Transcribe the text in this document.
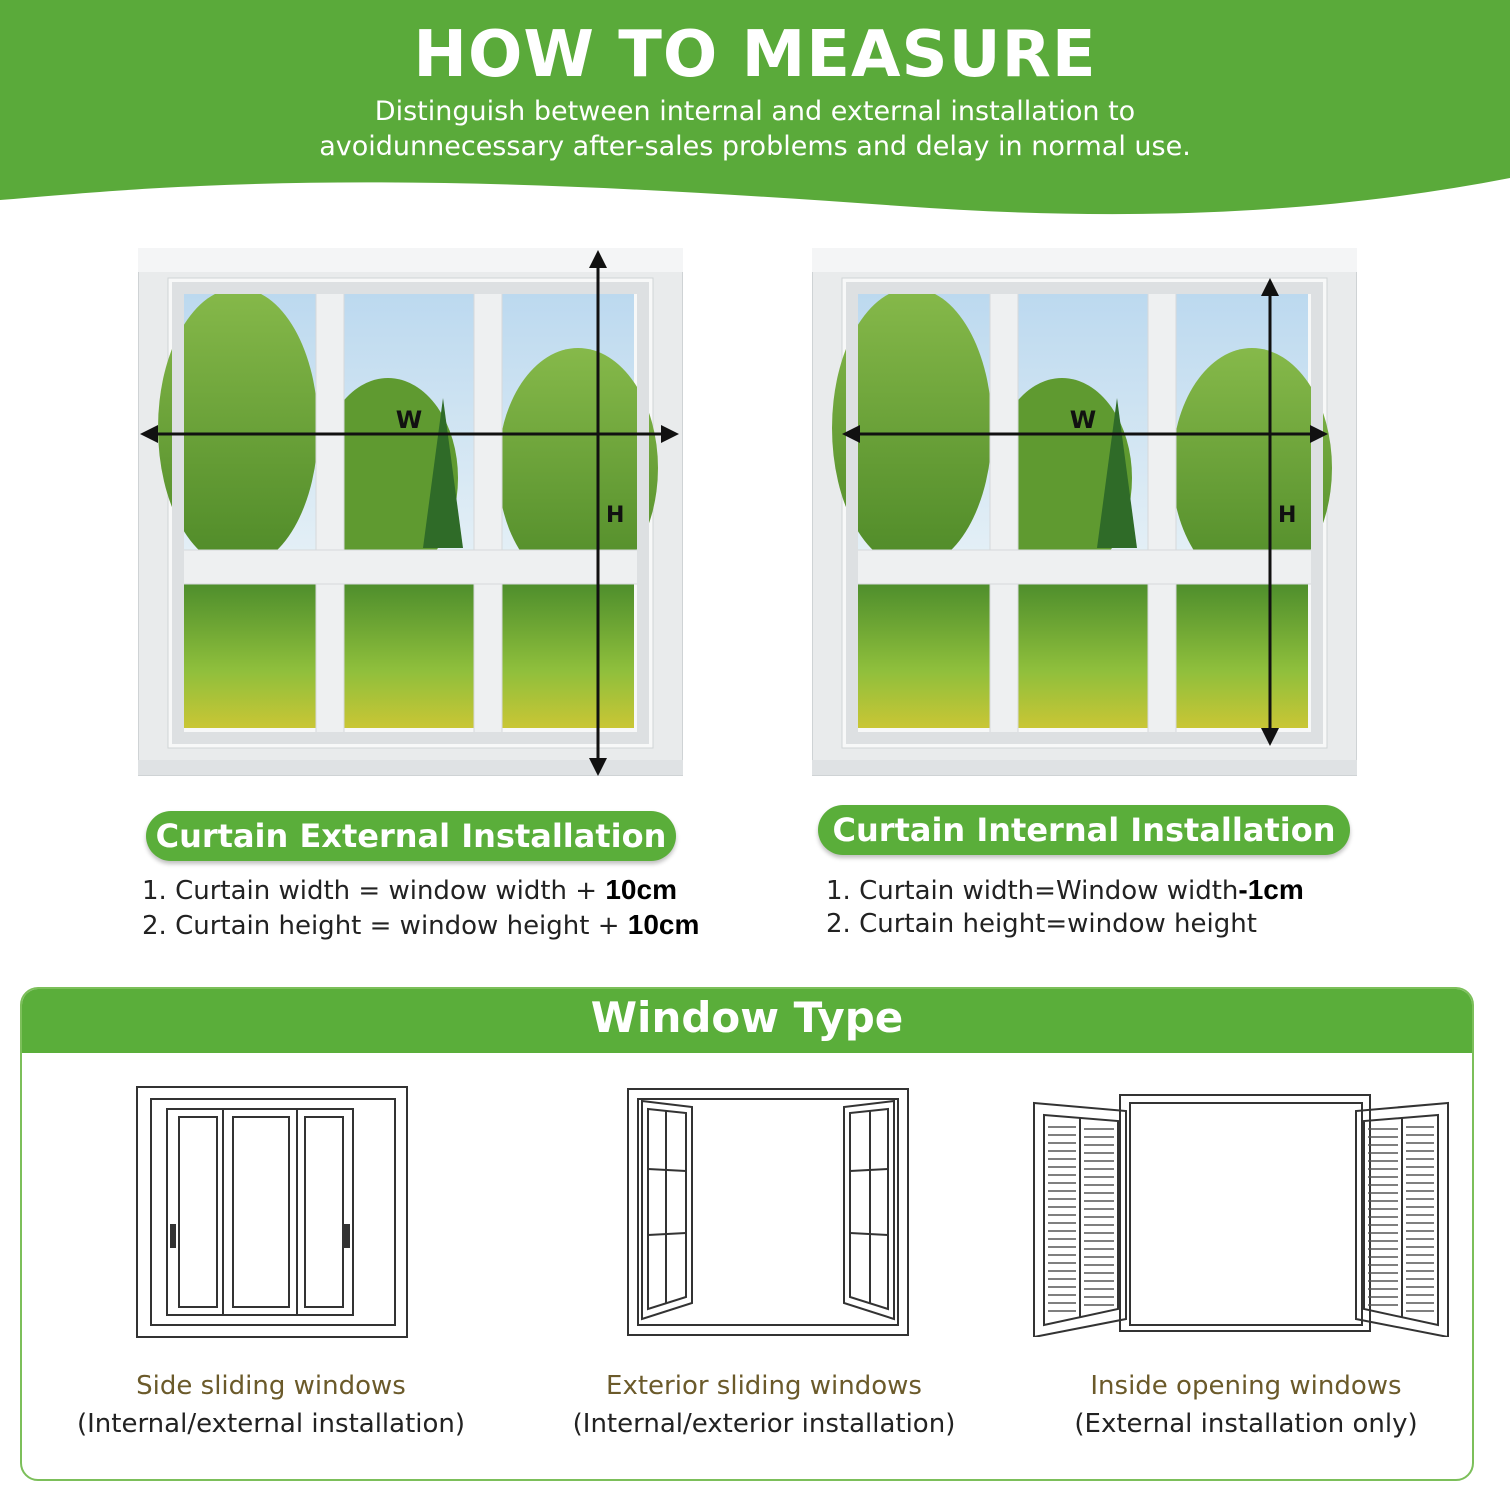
HOW TO MEASURE
Distinguish between internal and external installation to
avoidunnecessary after-sales problems and delay in normal use.
W
H
W
H
Curtain External Installation	Curtain Internal Installation
1. Curtain width = window width + 10cm
2. Curtain height = window height + 10cm
1. Curtain width=Window width-1cm
2. Curtain height=window height
Window Type
Side sliding windows
(Internal/external installation)
Exterior sliding windows
(Internal/exterior installation)
Inside opening windows
(External installation only)
